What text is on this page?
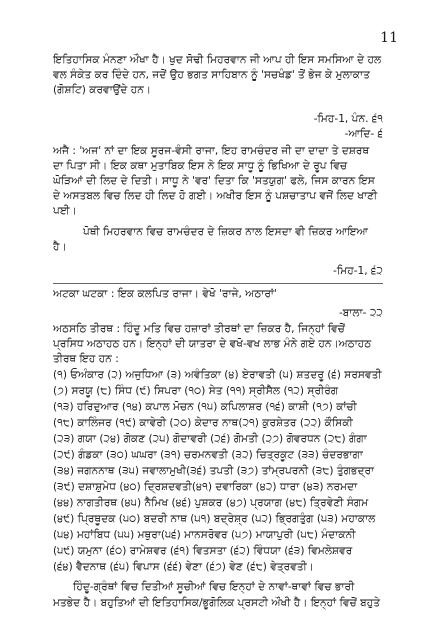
11
ਇਤਿਹਾਸਿਕ ਮੰਨਣਾ ਔਖਾ ਹੈ। ਖੁਦ ਸੋਢੀ ਮਿਹਰਵਾਨ ਜੀ ਆਪ ਹੀ ਇਸ ਸਮਸਿਆ ਦੇ ਹਲ
ਵਲ ਸੰਕੇਤ ਕਰ ਦਿੰਦੇ ਹਨ, ਜਦੋਂ ਉਹ ਭਗਤ ਸਾਹਿਬਾਨ ਨੂੰ 'ਸਚਖੰਡ' ਤੋਂ ਭੇਜ ਕੇ ਮੁਲਾਕਾਤ
(ਗੋਸ਼ਟਿ) ਕਰਵਾਉਂਦੇ ਹਨ।
-ਮਿਹ-1, ਪੰਨ. ੬੧
-ਆਦਿ- ੬
ਅਜੈ : 'ਅਜ' ਨਾਂ ਦਾ ਇਕ ਸੂਰਜ-ਵੰਸੀ ਰਾਜਾ, ਇਹ ਰਾਮਚੰਦਰ ਜੀ ਦਾ ਦਾਦਾ ਤੇ ਦਸ਼ਰਥ
ਦਾ ਪਿਤਾ ਸੀ। ਇਕ ਕਥਾ ਮੁਤਾਬਿਕ ਇਸ ਨੇ ਇਕ ਸਾਧੂ ਨੂੰ ਭਿਖਿਆ ਦੇ ਰੂਪ ਵਿਚ
ਘੋੜਿਆਂ ਦੀ ਲਿਦ ਦੇ ਦਿਤੀ। ਸਾਧੂ ਨੇ 'ਵਰ' ਦਿਤਾ ਕਿ 'ਸਤਯੁਗ' ਫਲੇ, ਜਿਸ ਕਾਰਨ ਇਸ
ਦੇ ਅਸਤਬਲ ਵਿਚ ਲਿਦ ਹੀ ਲਿਦ ਹੋ ਗਈ। ਅਖੀਰ ਇਸ ਨੂੰ ਪਸ਼ਚਾਤਾਪ ਵਜੋਂ ਲਿਦ ਖਾਣੀ
ਪਈ।
ਪੋਥੀ ਮਿਹਰਵਾਨ ਵਿਚ ਰਾਮਚੰਦਰ ਦੇ ਜ਼ਿਕਰ ਨਾਲ ਇਸਦਾ ਵੀ ਜ਼ਿਕਰ ਆਇਆ
ਹੈ।
-ਮਿਹ-1, ੬੨
ਅਟਕਾ ਘਟਕਾ : ਇਕ ਕਲਪਿਤ ਰਾਜਾ। ਵੇਖੋ 'ਰਾਜੇ, ਅਠਾਰਾਂ'
-ਬਾਲਾ- ੨੨
ਅਠਸਠਿ ਤੀਰਥ : ਹਿੰਦੂ ਮਤਿ ਵਿਚ ਹਜ਼ਾਰਾਂ ਤੀਰਥਾਂ ਦਾ ਜ਼ਿਕਰ ਹੈ, ਜਿਨ੍ਹਾਂ ਵਿਚੋਂ
ਪ੍ਰਸਿਧ ਅਠਾਹਠ ਹਨ। ਇਨ੍ਹਾਂ ਦੀ ਯਾਤਰਾ ਦੇ ਵਖੋ-ਵਖ ਲਾਭ ਮੰਨੇ ਗਏ ਹਨ।ਅਠਾਹਠ
ਤੀਰਥ ਇਹ ਹਨ :
(੧) ਓਅੰਕਾਰ (੨) ਅਜੁਧਿਆ (੩) ਅਵੰਤਿਕਾ (੪) ਏਰਾਵਤੀ (੫) ਸ਼ਤਦਰੂ (੬) ਸਰਸਵਤੀ
(੭) ਸਰਯੂ (੮) ਸਿੰਧ (੯) ਸਿਪਰਾ (੧੦) ਸੇਤ (੧੧) ਸ੍ਰੀਸੈਲ (੧੨) ਸ੍ਰੀਰੰਗ
(੧੩) ਹਰਿਦੁਆਰ (੧੪) ਕਪਾਲ ਮੋਚਨ (੧੫) ਕਪਿਲਾਸ਼ਰ (੧੬) ਕਾਸ਼ੀ (੧੭) ਕਾਂਚੀ
(੧੮) ਕਾਲਿੰਜਰ (੧੯) ਕਾਵੇਰੀ (੨੦) ਕੇਦਾਰ ਨਾਥ(੨੧) ਕੁਰਸ਼ੇਤਰ (੨੨) ਕੌਸਿਕੀ
(੨੩) ਗਯਾ (੨੪) ਗੋਕਣ (੨੫) ਗੋਦਾਵਰੀ (੨੬) ਗੋਮਤੀ (੨੭) ਗੋਵਰਧਨ (੨੮) ਗੰਗਾ
(੨੯) ਗੰਡਕਾ (੩੦) ਘਘਰਾ (੩੧) ਚਰਮਨਵਤੀ (੩੨) ਚਿਤ੍ਰਕੂਟ (੩੩) ਚੰਦਰਭਾਗਾ
(੩੪) ਜਗਨਨਾਥ (੩੫) ਜਵਾਲਾਮੁਖੀ(੩੬) ਤਪਤੀ (੩੭) ਤਾਂਮ੍ਰਪਰਨੀ (੩੮) ਤੁੰਗਭਦ੍ਰਾ
(੩੯) ਦਸ਼ਾਸ਼ੁਮੇਧ (੪੦) ਦ੍ਰਿਸ਼ਦਵਤੀ(੪੧) ਦਵਾਰਿਕਾ (੪੨) ਧਾਰਾ (੪੩) ਨਰਮਦਾ
(੪੪) ਨਾਗਤੀਰਥ (੪੫) ਨੈਮਿਖ (੪੬) ਪੁਸ਼ਕਰ (੪੭) ਪ੍ਰਯਾਗ (੪੮) ਤ੍ਰਿਵੇਣੀ ਸੰਗਮ
(੪੯) ਪ੍ਰਿਥੂਦਕ (੫੦) ਬਦਰੀ ਨਾਥ (੫੧) ਬਦ੍ਰੇਸ਼੍ਰ (੫੨) ਭ੍ਰਿਗਤੁੰਗ (੫੩) ਮਹਾਕਾਲ
(੫੪) ਮਹਾਂਬਿਧ (੫੫) ਮਥੁਰਾ(੫੬) ਮਾਨਸਰੋਵਰ (੫੭) ਮਾਯਾਪੁਰੀ (੫੮) ਮੰਦਾਕਨੀ
(੫੯) ਯਮੁਨਾ (੬੦) ਰਾਮੇਸ਼ਵਰ (੬੧) ਵਿਤਸਤਾ (੬੨) ਵਿੰਧਯਾ (੬੩) ਵਿਮਲੇਸ਼ਵਰ
(੬੪) ਵੈਦਨਾਥ (੬੫) ਵਿਪਾਸ (੬੬) ਵੇਣਾ (੬੭) ਵੇਣ (੬੮) ਵੇਤ੍ਰਵਤੀ।
ਹਿੰਦੂ-ਗ੍ਰੰਥਾਂ ਵਿਚ ਦਿਤੀਆਂ ਸੂਚੀਆਂ ਵਿਚ ਇਨ੍ਹਾਂ ਦੇ ਨਾਵਾਂ-ਥਾਵਾਂ ਵਿਚ ਭਾਰੀ
ਮਤਭੇਦ ਹੈ। ਬਹੁਤਿਆਂ ਦੀ ਇਤਿਹਾਸਿਕ/ਭੂਗੋਲਿਕ ਪ੍ਰਸਟੀ ਔਖੀ ਹੈ। ਇਨ੍ਹਾਂ ਵਿਚੋਂ ਬਹੁਤੇ
